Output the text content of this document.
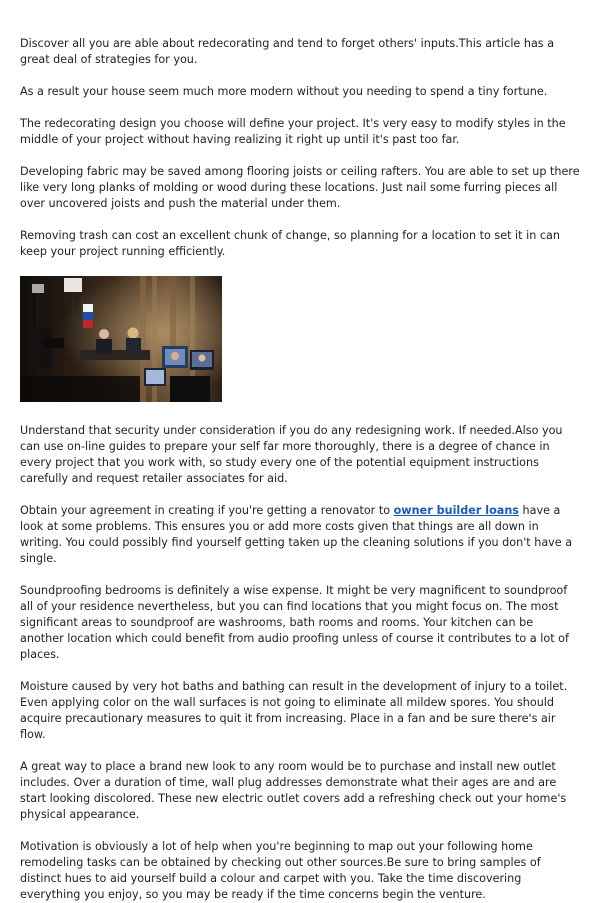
Discover all you are able about redecorating and tend to forget others' inputs.This article has a great deal of strategies for you.

As a result your house seem much more modern without you needing to spend a tiny fortune.

The redecorating design you choose will define your project. It's very easy to modify styles in the middle of your project without having realizing it right up until it's past too far.

Developing fabric may be saved among flooring joists or ceiling rafters. You are able to set up there like very long planks of molding or wood during these locations. Just nail some furring pieces all over uncovered joists and push the material under them.

Removing trash can cost an excellent chunk of change, so planning for a location to set it in can keep your project running efficiently.

Understand that security under consideration if you do any redesigning work. If needed.Also you can use on-line guides to prepare your self far more thoroughly, there is a degree of chance in every project that you work with, so study every one of the potential equipment instructions carefully and request retailer associates for aid.

Obtain your agreement in creating if you're getting a renovator to owner builder loans have a look at some problems. This ensures you or add more costs given that things are all down in writing. You could possibly find yourself getting taken up the cleaning solutions if you don't have a single.

Soundproofing bedrooms is definitely a wise expense. It might be very magnificent to soundproof all of your residence nevertheless, but you can find locations that you might focus on. The most significant areas to soundproof are washrooms, bath rooms and rooms. Your kitchen can be another location which could benefit from audio proofing unless of course it contributes to a lot of places.

Moisture caused by very hot baths and bathing can result in the development of injury to a toilet. Even applying color on the wall surfaces is not going to eliminate all mildew spores. You should acquire precautionary measures to quit it from increasing. Place in a fan and be sure there's air flow.

A great way to place a brand new look to any room would be to purchase and install new outlet includes. Over a duration of time, wall plug addresses demonstrate what their ages are and are start looking discolored. These new electric outlet covers add a refreshing check out your home's physical appearance.

Motivation is obviously a lot of help when you're beginning to map out your following home remodeling tasks can be obtained by checking out other sources.Be sure to bring samples of distinct hues to aid yourself build a colour and carpet with you. Take the time discovering everything you enjoy, so you may be ready if the time concerns begin the venture.
